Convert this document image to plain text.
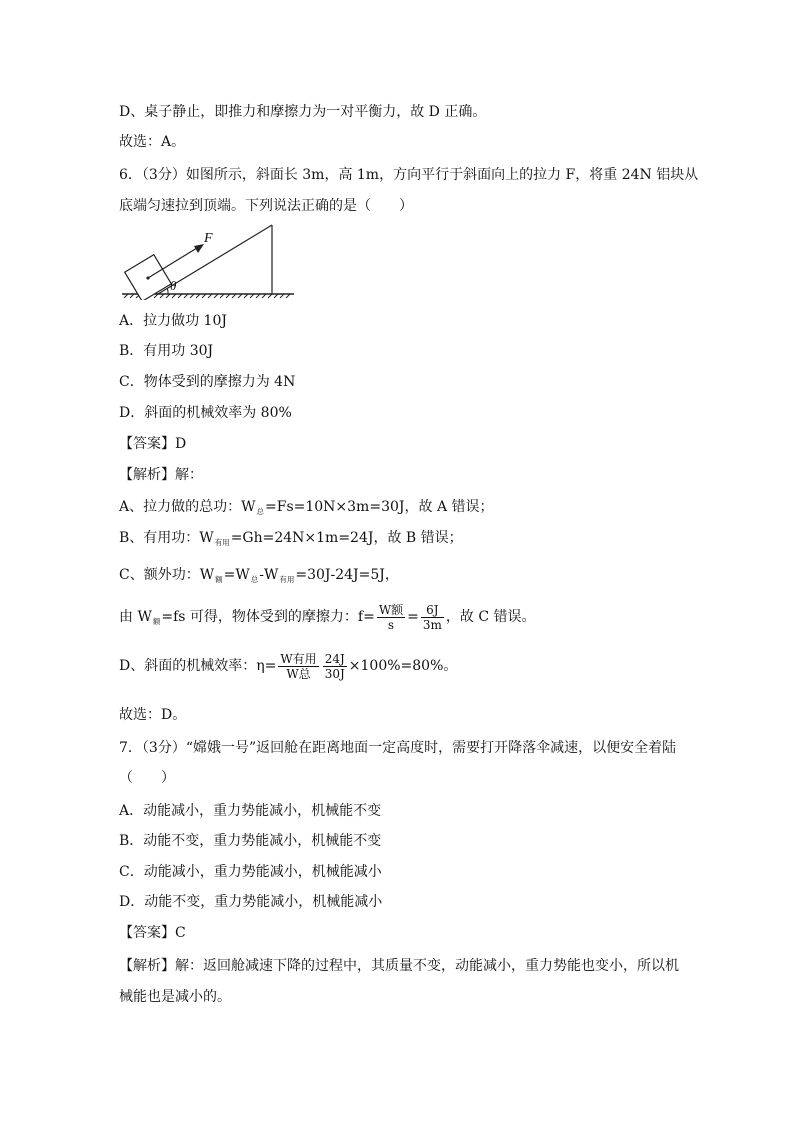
D、桌子静止，即推力和摩擦力为一对平衡力，故 D 正确。
故选：A。
6．（3分）如图所示，斜面长 3m，高 1m，方向平行于斜面向上的拉力 F，将重 24N 铝块从
底端匀速拉到顶端。下列说法正确的是（　　）
F
θ
A．拉力做功 10J
B．有用功 30J
C．物体受到的摩擦力为 4N
D．斜面的机械效率为 80%
【答案】D
【解析】解：
A、拉力做的总功：$W_总=Fs=10N\times 3m=30J$，故 A 错误；
B、有用功：$W_{有用}=Gh=24N\times 1m=24J$，故 B 错误；
C、额外功：$W_额=W_总-W_{有用}=30J-24J=5J$，
由 $W_额=fs$ 可得，物体受到的摩擦力：$f= \frac{\text{W额}}{s} = \frac{6J}{3m}$ ，故 C 错误。
D、斜面的机械效率：$\eta= \frac{\text{W有用}}{\text{W总}} \frac{24J}{30J} \times 100\%=80\%$。
故选：D。
7．（3分）“嫦娥一号”返回舱在距离地面一定高度时，需要打开降落伞减速，以便安全着陆
（　　）
A．动能减小，重力势能减小，机械能不变
B．动能不变，重力势能减小，机械能不变
C．动能减小，重力势能减小，机械能减小
D．动能不变，重力势能减小，机械能减小
【答案】C
【解析】解：返回舱减速下降的过程中，其质量不变，动能减小，重力势能也变小，所以机
械能也是减小的。
